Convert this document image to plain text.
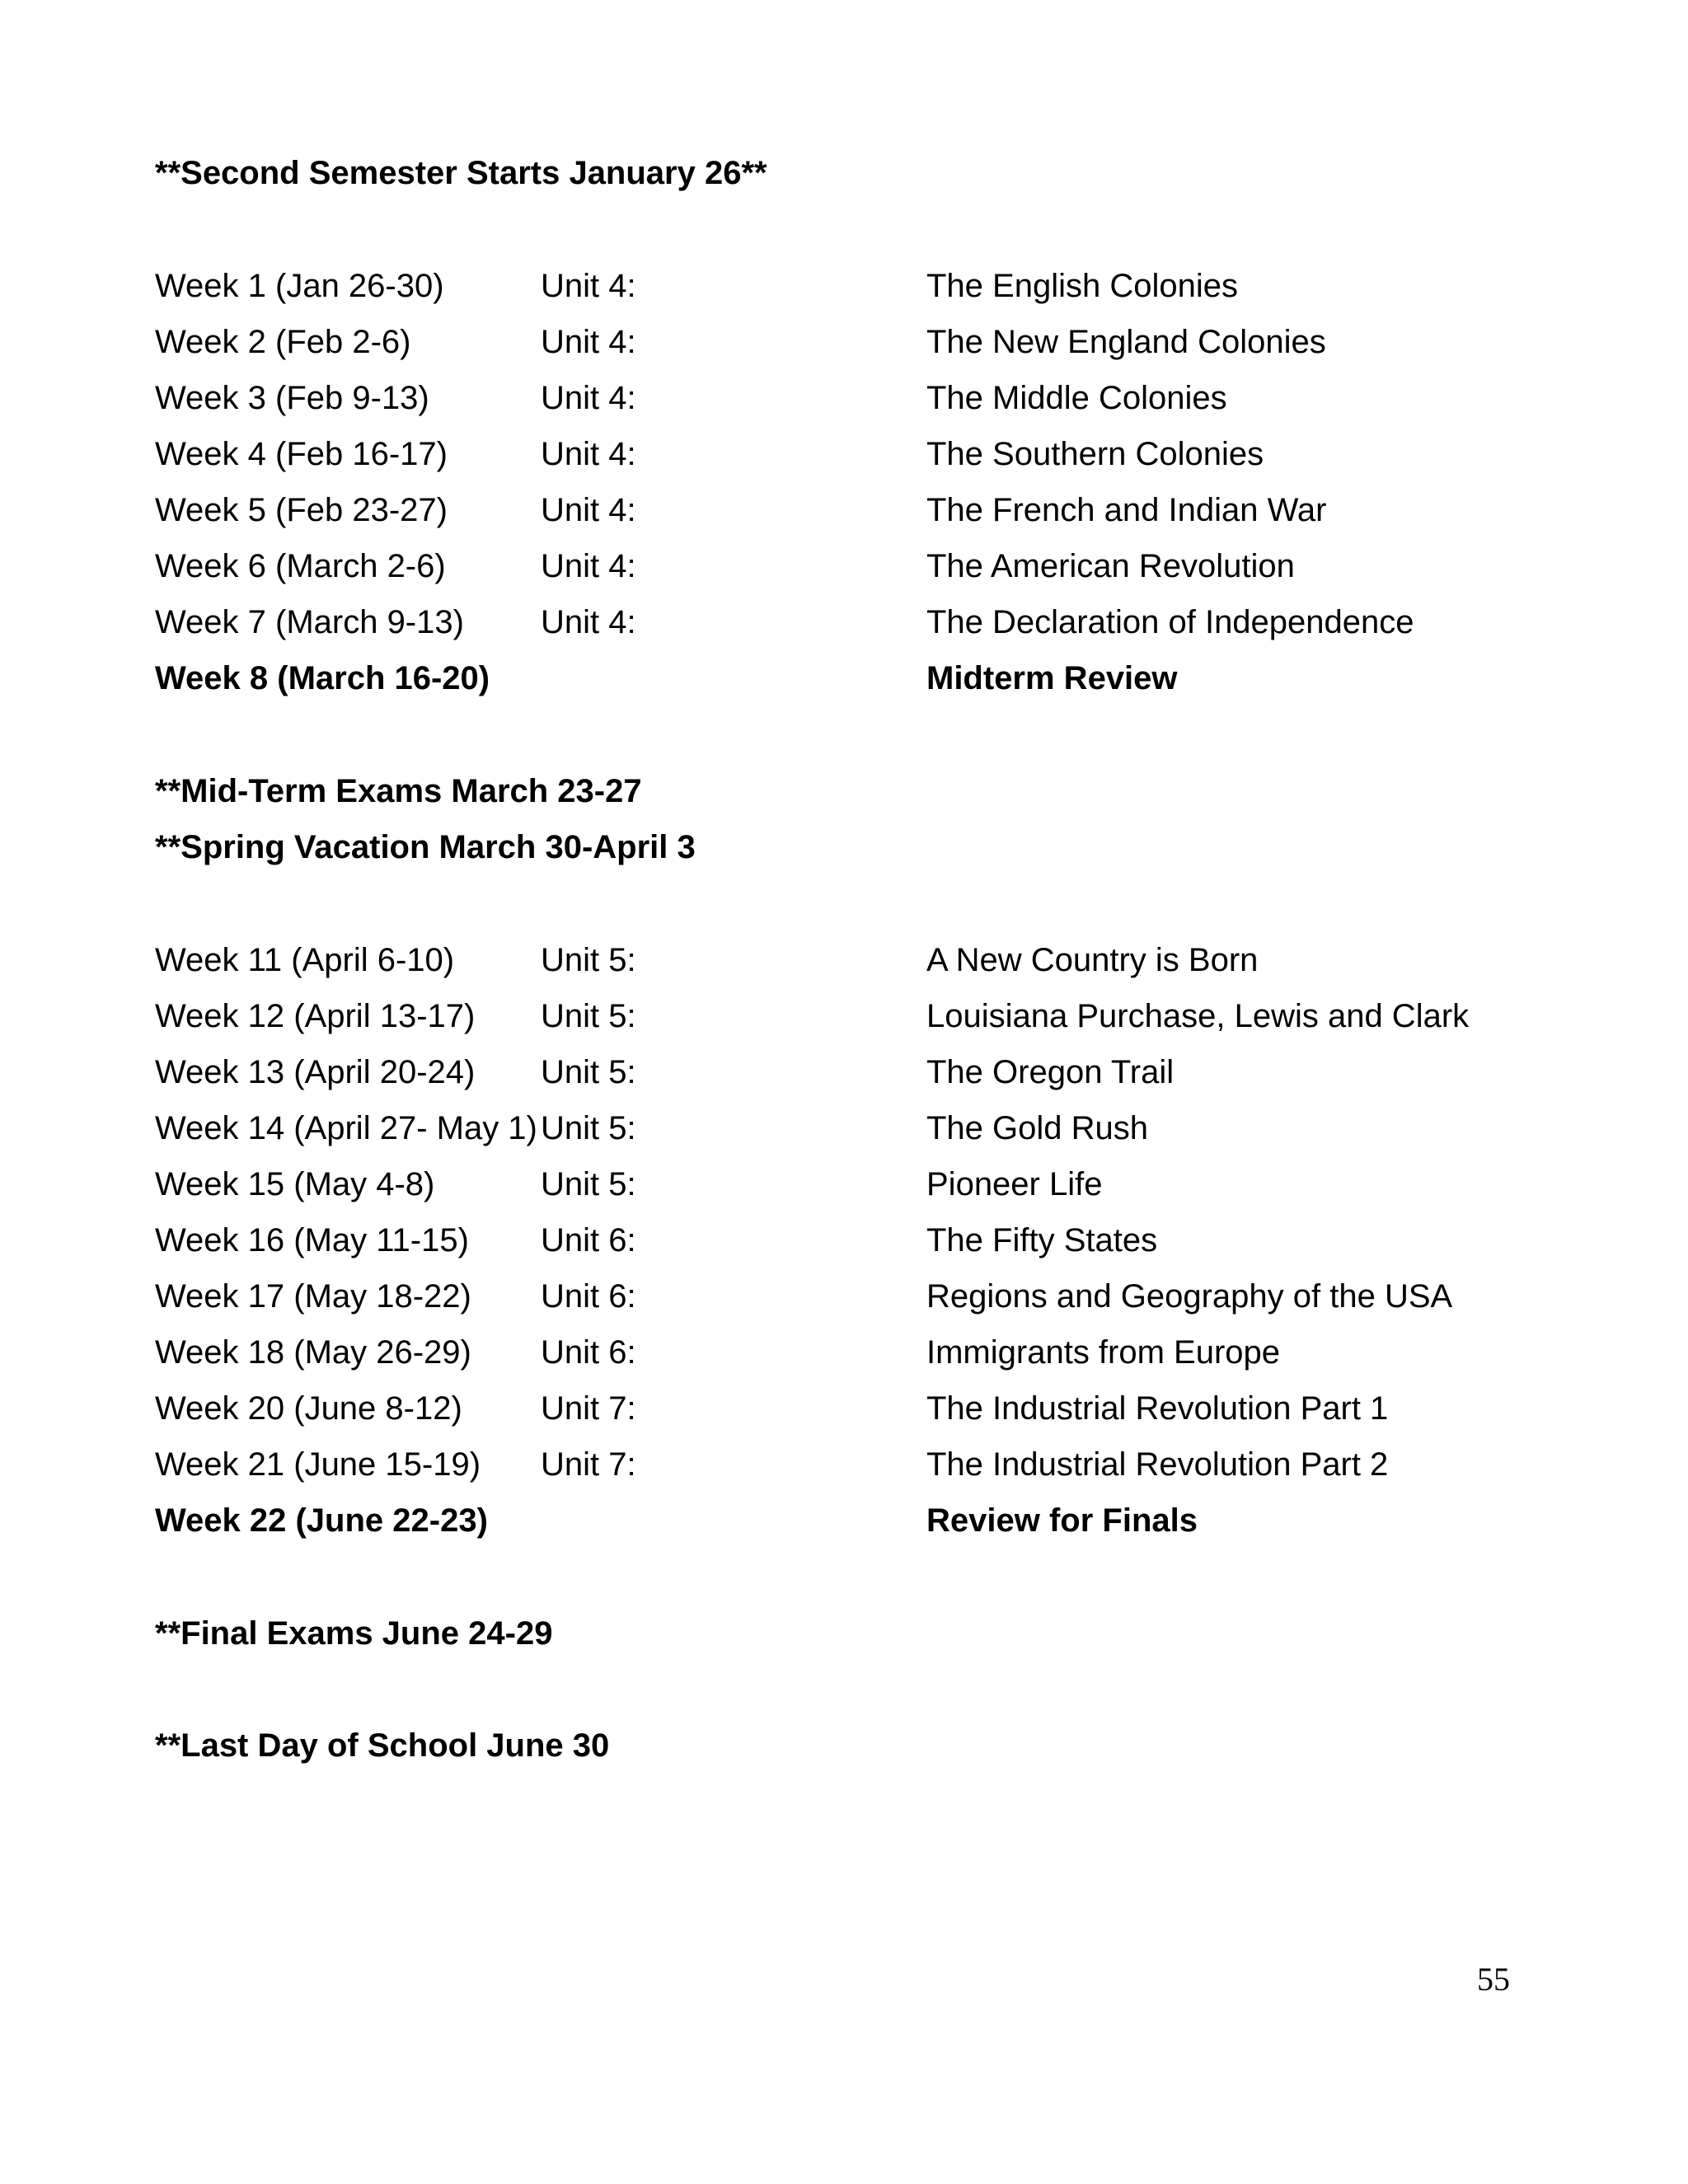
**Second Semester Starts January 26**
Week 1 (Jan 26-30)	Unit 4:	The English Colonies
Week 2 (Feb 2-6)	Unit 4:	The New England Colonies
Week 3 (Feb 9-13)	Unit 4:	The Middle Colonies
Week 4 (Feb 16-17)	Unit 4:	The Southern Colonies
Week 5 (Feb 23-27)	Unit 4:	The French and Indian War
Week 6 (March 2-6)	Unit 4:	The American Revolution
Week 7 (March 9-13) Unit 4:	The Declaration of Independence
Week 8 (March 16-20)	Midterm Review
**Mid-Term Exams March 23-27
**Spring Vacation March 30-April 3
Week 11 (April 6-10)	Unit 5:	A New Country is Born
Week 12 (April 13-17) Unit 5:	Louisiana Purchase, Lewis and Clark
Week 13 (April 20-24) Unit 5:	The Oregon Trail
Week 14 (April 27- May 1) Unit 5:	The Gold Rush
Week 15 (May 4-8)	Unit 5:	Pioneer Life
Week 16 (May 11-15) Unit 6:	The Fifty States
Week 17 (May 18-22) Unit 6:	Regions and Geography of the USA
Week 18 (May 26-29) Unit 6:	Immigrants from Europe
Week 20 (June 8-12) Unit 7:	The Industrial Revolution Part 1
Week 21 (June 15-19) Unit 7:	The Industrial Revolution Part 2
Week 22 (June 22-23)	Review for Finals
**Final Exams June 24-29
**Last Day of School June 30
55
